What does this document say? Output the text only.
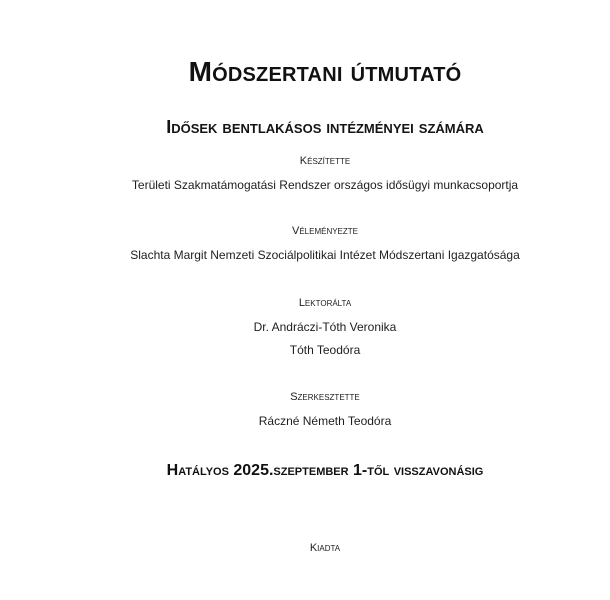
Módszertani útmutató
Idősek bentlakásos intézményei számára
Készítette
Területi Szakmatámogatási Rendszer országos idősügyi munkacsoportja
Véleményezte
Slachta Margit Nemzeti Szociálpolitikai Intézet Módszertani Igazgatósága
Lektorálta
Dr. Andráczi-Tóth Veronika
Tóth Teodóra
Szerkesztette
Ráczné Németh Teodóra
Hatályos 2025.szeptember 1-től visszavonásig
Kiadta
